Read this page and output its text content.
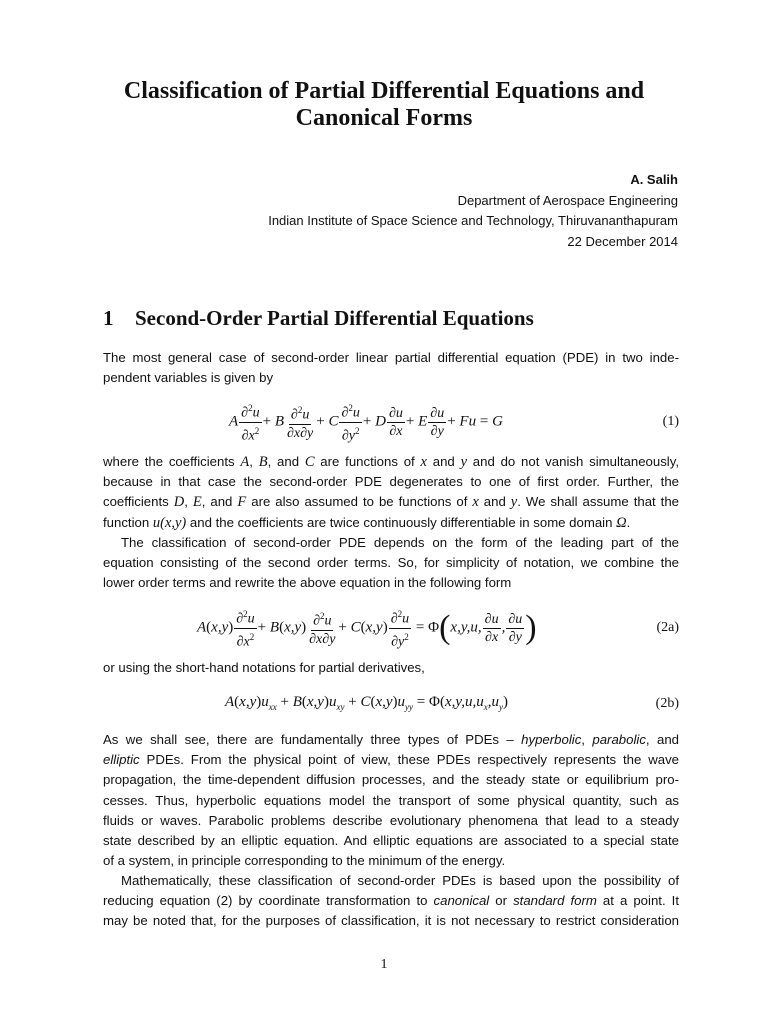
Classification of Partial Differential Equations and
Canonical Forms
A. Salih
Department of Aerospace Engineering
Indian Institute of Space Science and Technology, Thiruvananthapuram
22 December 2014
1 Second-Order Partial Differential Equations
The most general case of second-order linear partial differential equation (PDE) in two inde-
pendent variables is given by
A $\frac{\partial^2u}{\partial x^2} + B \frac{\partial^2u}{\partial x\partial y} + C \frac{\partial^2u}{\partial y^2} + D \frac{\partial u}{\partial x} + E \frac{\partial u}{\partial y} + Fu = G$	(1)
where the coefficients A, B, and C are functions of x and y and do not vanish simultaneously,
because in that case the second-order PDE degenerates to one of first order. Further, the
coefficients D, E, and F are also assumed to be functions of x and y. We shall assume that the
function u(x,y) and the coefficients are twice continuously differentiable in some domain Ω.
The classification of second-order PDE depends on the form of the leading part of the
equation consisting of the second order terms. So, for simplicity of notation, we combine the
lower order terms and rewrite the above equation in the following form
$A(x,y) \frac{\partial^2u}{\partial x^2} + B(x,y) \frac{\partial^2u}{\partial x\partial y} + C(x,y) \frac{\partial^2u}{\partial y^2} = \Phi(x,y,u$, $\frac{\partial u}{\partial x}$ , $\frac{\partial u}{\partial y}$ )	(2a)
or using the short-hand notations for partial derivatives,
$A(x,y)u_{xx} + B(x,y)u_{xy} + C(x,y)u_{yy} = \Phi(x,y,u,u_x,u_y)$	(2b)
As we shall see, there are fundamentally three types of PDEs – hyperbolic, parabolic, and
elliptic PDEs. From the physical point of view, these PDEs respectively represents the wave
propagation, the time-dependent diffusion processes, and the steady state or equilibrium pro-
cesses. Thus, hyperbolic equations model the transport of some physical quantity, such as
fluids or waves. Parabolic problems describe evolutionary phenomena that lead to a steady
state described by an elliptic equation. And elliptic equations are associated to a special state
of a system, in principle corresponding to the minimum of the energy.
Mathematically, these classification of second-order PDEs is based upon the possibility of
reducing equation (2) by coordinate transformation to canonical or standard form at a point. It
may be noted that, for the purposes of classification, it is not necessary to restrict consideration
1
